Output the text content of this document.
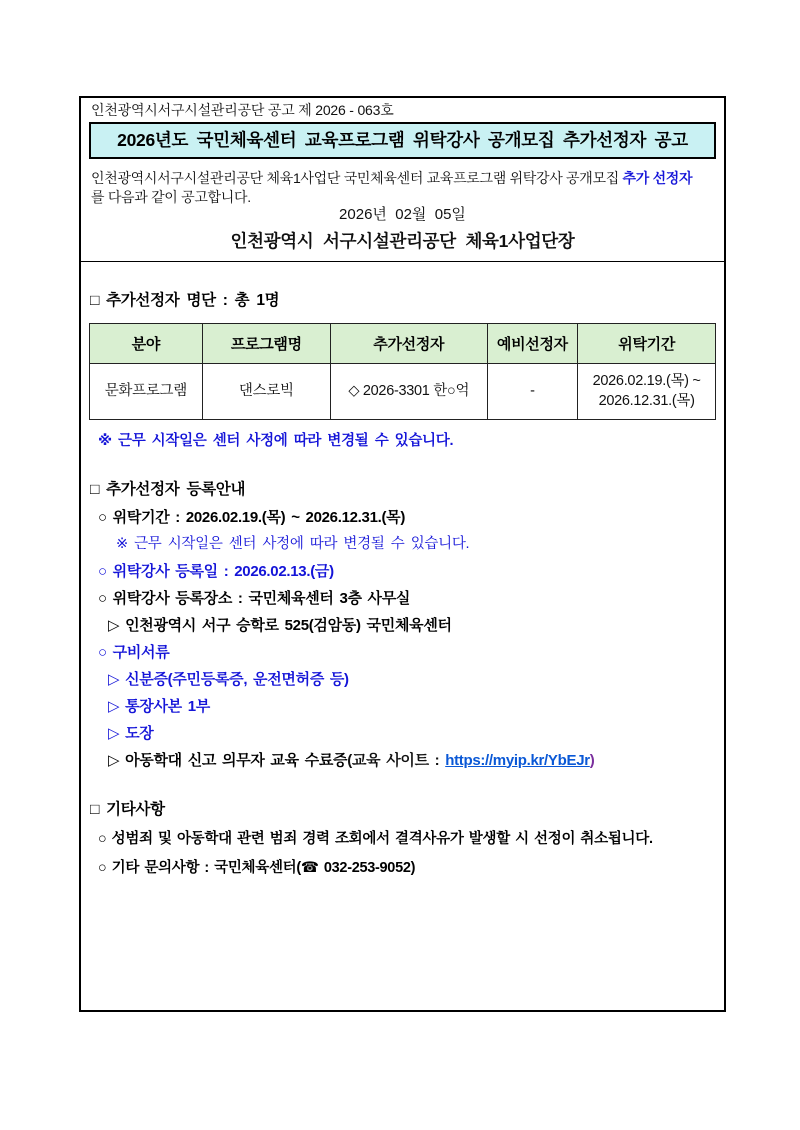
인천광역시서구시설관리공단 공고 제 2026 - 063호
2026년도 국민체육센터 교육프로그램 위탁강사 공개모집 추가선정자 공고
인천광역시서구시설관리공단 체육1사업단 국민체육센터 교육프로그램 위탁강사 공개모집 추가 선정자
를 다음과 같이 공고합니다.
2026년  02월  05일
인천광역시 서구시설관리공단 체육1사업단장
□ 추가선정자 명단 : 총 1명
분야	프로그램명	추가선정자	예비선정자	위탁기간
문화프로그램	댄스로빅	◇ 2026-3301 한○억	-	2026.02.19.(목) ~ 2026.12.31.(목)
※ 근무 시작일은 센터 사정에 따라 변경될 수 있습니다.
□ 추가선정자 등록안내
○ 위탁기간 : 2026.02.19.(목) ~ 2026.12.31.(목)
※ 근무 시작일은 센터 사정에 따라 변경될 수 있습니다.
○ 위탁강사 등록일 : 2026.02.13.(금)
○ 위탁강사 등록장소 : 국민체육센터 3층 사무실
▷ 인천광역시 서구 승학로 525(검암동) 국민체육센터
○ 구비서류
▷ 신분증(주민등록증, 운전면허증 등)
▷ 통장사본 1부
▷ 도장
▷ 아동학대 신고 의무자 교육 수료증(교육 사이트 : https://myip.kr/YbEJr)
□ 기타사항
○ 성범죄 및 아동학대 관련 범죄 경력 조회에서 결격사유가 발생할 시 선정이 취소됩니다.
○ 기타 문의사항 : 국민체육센터(☎ 032-253-9052)
